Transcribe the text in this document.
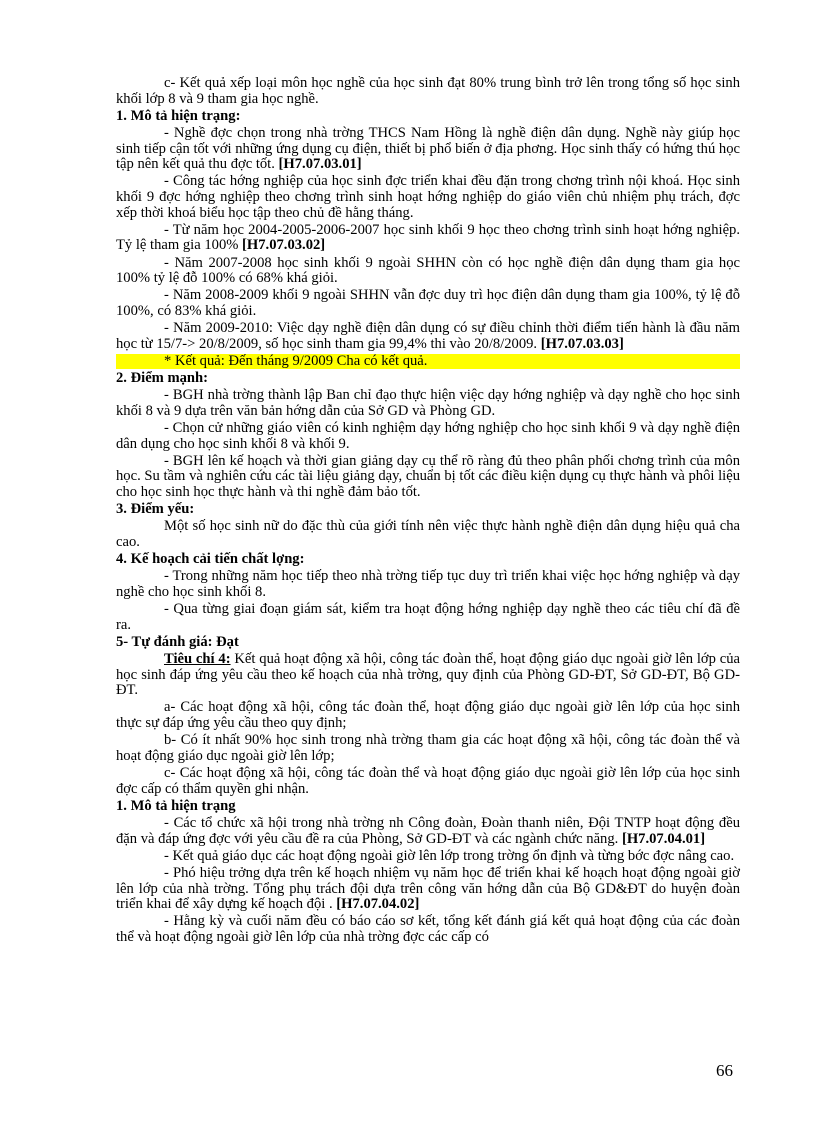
c- Kết quả xếp loại môn học nghề của học sinh đạt 80% trung bình trở lên trong tổng số học sinh khối lớp 8 và 9 tham gia học nghề.

1. Mô tả hiện trạng:

- Nghề đợc chọn trong nhà trờng THCS Nam Hồng là nghề điện dân dụng. Nghề này giúp học sinh tiếp cận tốt với những ứng dụng cụ điện, thiết bị phổ biến ở địa phơng. Học sinh thấy có hứng thú học tập nên kết quả thu đợc tốt. [H7.07.03.01]

- Công tác hớng nghiệp của học sinh đợc triển khai đều đặn trong chơng trình nội khoá. Học sinh khối 9 đợc hớng nghiệp theo chơng trình sinh hoạt hớng nghiệp do giáo viên chủ nhiệm phụ trách, đợc xếp thời khoá biểu học tập theo chủ đề hằng tháng.

- Từ năm học 2004-2005-2006-2007 học sinh khối 9 học theo chơng trình sinh hoạt hớng nghiệp. Tỷ lệ tham gia 100% [H7.07.03.02]

- Năm 2007-2008 học sinh khối 9 ngoài SHHN còn có học nghề điện dân dụng tham gia học 100% tỷ lệ đỗ 100% có 68% khá giỏi.

- Năm 2008-2009 khối 9 ngoài SHHN vẫn đợc duy trì học điện dân dụng tham gia 100%, tỷ lệ đỗ 100%, có 83% khá giỏi.

- Năm 2009-2010: Việc dạy nghề điện dân dụng có sự điều chỉnh thời điểm tiến hành là đầu năm học từ 15/7-> 20/8/2009, số học sinh tham gia 99,4% thi vào 20/8/2009. [H7.07.03.03]

* Kết quả: Đến tháng 9/2009 Cha có kết quả.

2. Điểm mạnh:

- BGH nhà trờng thành lập Ban chỉ đạo thực hiện việc dạy hớng nghiệp và dạy nghề cho học sinh khối 8 và 9 dựa trên văn bản hớng dẫn của Sở GD và Phòng GD.

- Chọn cử những giáo viên có kinh nghiệm dạy hớng nghiệp cho học sinh khối 9 và dạy nghề điện dân dụng cho học sinh khối 8 và khối 9.

- BGH lên kế hoạch và thời gian giảng dạy cụ thể rõ ràng đủ theo phân phối chơng trình của môn học. Su tầm và nghiên cứu các tài liệu giảng dạy, chuẩn bị tốt các điều kiện dụng cụ thực hành và phôi liệu cho học sinh học thực hành và thi nghề đảm bảo tốt.

3. Điểm yếu:

Một số học sinh nữ do đặc thù của giới tính nên việc thực hành nghề điện dân dụng hiệu quả cha cao.

4. Kế hoạch cải tiến chất lợng:

- Trong những năm học tiếp theo nhà trờng tiếp tục duy trì triển khai việc học hớng nghiệp và dạy nghề cho học sinh khối 8.

- Qua từng giai đoạn giám sát, kiểm tra hoạt động hớng nghiệp dạy nghề theo các tiêu chí đã đề ra.

5- Tự đánh giá: Đạt

Tiêu chí 4: Kết quả hoạt động xã hội, công tác đoàn thể, hoạt động giáo dục ngoài giờ lên lớp của học sinh đáp ứng yêu cầu theo kế hoạch của nhà trờng, quy định của Phòng GD-ĐT, Sở GD-ĐT, Bộ GD-ĐT.

a- Các hoạt động xã hội, công tác đoàn thể, hoạt động giáo dục ngoài giờ lên lớp của học sinh thực sự đáp ứng yêu cầu theo quy định;

b- Có ít nhất 90% học sinh trong nhà trờng tham gia các hoạt động xã hội, công tác đoàn thể và hoạt động giáo dục ngoài giờ lên lớp;

c- Các hoạt động xã hội, công tác đoàn thể và hoạt động giáo dục ngoài giờ lên lớp của học sinh đợc cấp có thẩm quyền ghi nhận.

1. Mô tả hiện trạng

- Các tổ chức xã hội trong nhà trờng nh Công đoàn, Đoàn thanh niên, Đội TNTP hoạt động đều đặn và đáp ứng đợc với yêu cầu đề ra của Phòng, Sở GD-ĐT và các ngành chức năng. [H7.07.04.01]

- Kết quả giáo dục các hoạt động ngoài giờ lên lớp trong trờng ổn định và từng bớc đợc nâng cao.

- Phó hiệu trởng dựa trên kế hoạch nhiệm vụ năm học để triển khai kế hoạch hoạt động ngoài giờ lên lớp của nhà trờng. Tổng phụ trách đội dựa trên công văn hớng dẫn của Bộ GD&ĐT do huyện đoàn triển khai để xây dựng kế hoạch đội . [H7.07.04.02]

- Hằng kỳ và cuối năm đều có báo cáo sơ kết, tổng kết đánh giá kết quả hoạt động của các đoàn thể và hoạt động ngoài giờ lên lớp của nhà trờng đợc các cấp có

66
